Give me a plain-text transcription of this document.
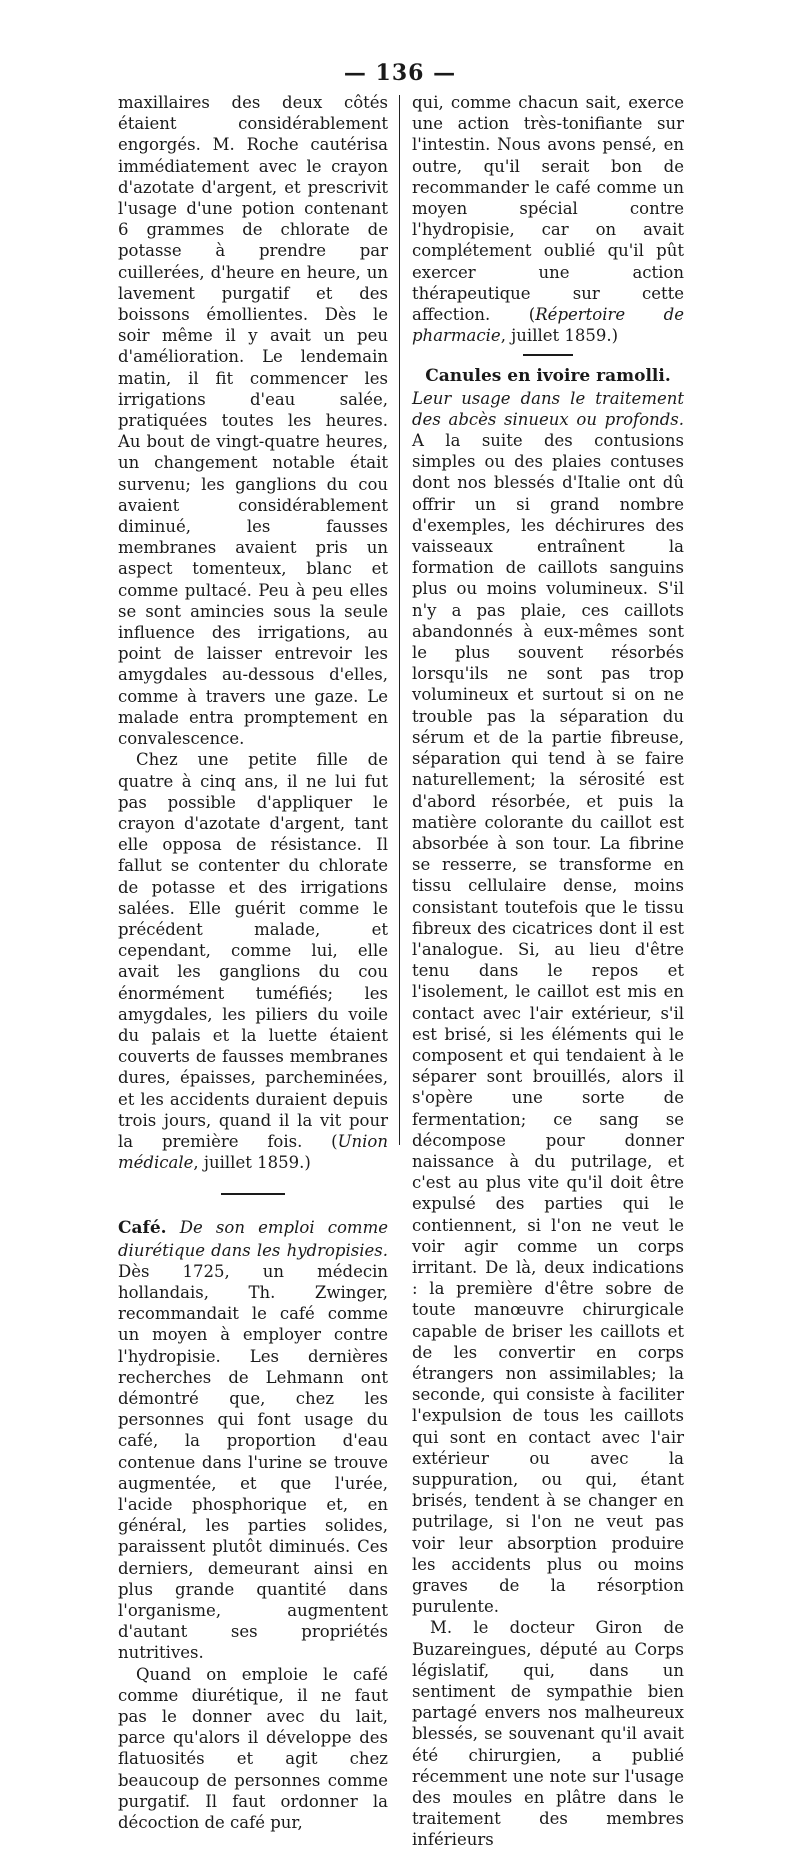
— 136 —

maxillaires des deux côtés étaient considérablement engorgés. M. Roche cautérisa immédiatement avec le crayon d'azotate d'argent, et prescrivit l'usage d'une potion contenant 6 grammes de chlorate de potasse à prendre par cuillerées, d'heure en heure, un lavement purgatif et des boissons émollientes. Dès le soir même il y avait un peu d'amélioration. Le lendemain matin, il fit commencer les irrigations d'eau salée, pratiquées toutes les heures. Au bout de vingt-quatre heures, un changement notable était survenu; les ganglions du cou avaient considérablement diminué, les fausses membranes avaient pris un aspect tomenteux, blanc et comme pultacé. Peu à peu elles se sont amincies sous la seule influence des irrigations, au point de laisser entrevoir les amygdales au-dessous d'elles, comme à travers une gaze. Le malade entra promptement en convalescence.

Chez une petite fille de quatre à cinq ans, il ne lui fut pas possible d'appliquer le crayon d'azotate d'argent, tant elle opposa de résistance. Il fallut se contenter du chlorate de potasse et des irrigations salées. Elle guérit comme le précédent malade, et cependant, comme lui, elle avait les ganglions du cou énormément tuméfiés; les amygdales, les piliers du voile du palais et la luette étaient couverts de fausses membranes dures, épaisses, parcheminées, et les accidents duraient depuis trois jours, quand il la vit pour la première fois. (Union médicale, juillet 1859.)

Café. De son emploi comme diurétique dans les hydropisies. Dès 1725, un médecin hollandais, Th. Zwinger, recommandait le café comme un moyen à employer contre l'hydropisie. Les dernières recherches de Lehmann ont démontré que, chez les personnes qui font usage du café, la proportion d'eau contenue dans l'urine se trouve augmentée, et que l'urée, l'acide phosphorique et, en général, les parties solides, paraissent plutôt diminués. Ces derniers, demeurant ainsi en plus grande quantité dans l'organisme, augmentent d'autant ses propriétés nutritives.

Quand on emploie le café comme diurétique, il ne faut pas le donner avec du lait, parce qu'alors il développe des flatuosités et agit chez beaucoup de personnes comme purgatif. Il faut ordonner la décoction de café pur,

qui, comme chacun sait, exerce une action très-tonifiante sur l'intestin. Nous avons pensé, en outre, qu'il serait bon de recommander le café comme un moyen spécial contre l'hydropisie, car on avait complétement oublié qu'il pût exercer une action thérapeutique sur cette affection. (Répertoire de pharmacie, juillet 1859.)

Canules en ivoire ramolli.

Leur usage dans le traitement des abcès sinueux ou profonds. A la suite des contusions simples ou des plaies contuses dont nos blessés d'Italie ont dû offrir un si grand nombre d'exemples, les déchirures des vaisseaux entraînent la formation de caillots sanguins plus ou moins volumineux. S'il n'y a pas plaie, ces caillots abandonnés à eux-mêmes sont le plus souvent résorbés lorsqu'ils ne sont pas trop volumineux et surtout si on ne trouble pas la séparation du sérum et de la partie fibreuse, séparation qui tend à se faire naturellement; la sérosité est d'abord résorbée, et puis la matière colorante du caillot est absorbée à son tour. La fibrine se resserre, se transforme en tissu cellulaire dense, moins consistant toutefois que le tissu fibreux des cicatrices dont il est l'analogue. Si, au lieu d'être tenu dans le repos et l'isolement, le caillot est mis en contact avec l'air extérieur, s'il est brisé, si les éléments qui le composent et qui tendaient à le séparer sont brouillés, alors il s'opère une sorte de fermentation; ce sang se décompose pour donner naissance à du putrilage, et c'est au plus vite qu'il doit être expulsé des parties qui le contiennent, si l'on ne veut le voir agir comme un corps irritant. De là, deux indications : la première d'être sobre de toute manœuvre chirurgicale capable de briser les caillots et de les convertir en corps étrangers non assimilables; la seconde, qui consiste à faciliter l'expulsion de tous les caillots qui sont en contact avec l'air extérieur ou avec la suppuration, ou qui, étant brisés, tendent à se changer en putrilage, si l'on ne veut pas voir leur absorption produire les accidents plus ou moins graves de la résorption purulente.

M. le docteur Giron de Buzareingues, député au Corps législatif, qui, dans un sentiment de sympathie bien partagé envers nos malheureux blessés, se souvenant qu'il avait été chirurgien, a publié récemment une note sur l'usage des moules en plâtre dans le traitement des membres inférieurs
